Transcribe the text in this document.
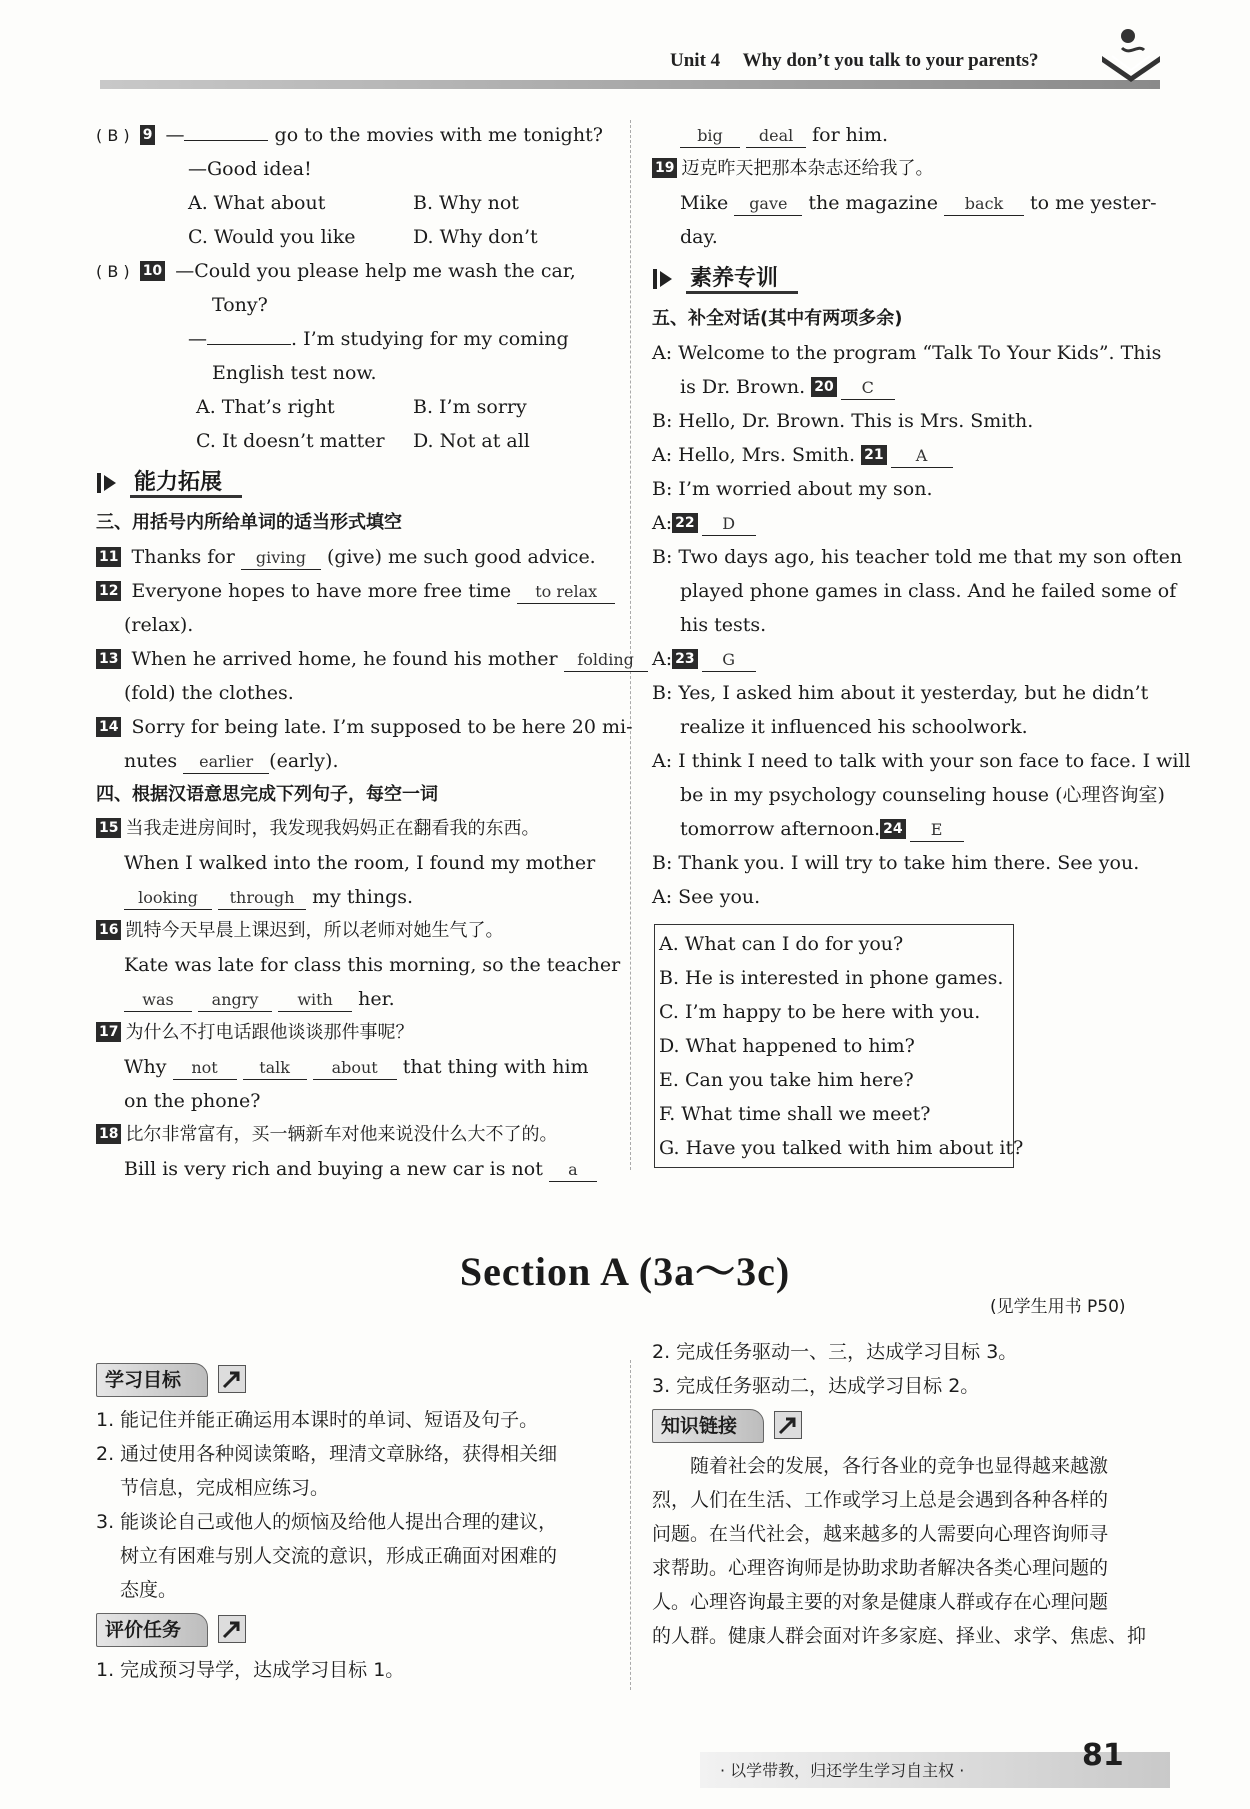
Unit 4 Why don’t you talk to your parents?
( B ) 9 —	go to the movies with me tonight?
—Good idea!
A. What about	B. Why not
C. Would you like	D. Why don’t
( B ) 10 —Could you please help me wash the car,
Tony?
—	. I’m studying for my coming
English test now.
A. That’s right	B. I’m sorry
C. It doesn’t matter D. Not at all
能力拓展
三、用括号内所给单词的适当形式填空
11 Thanks for giving (give) me such good advice.
12 Everyone hopes to have more free time to relax
(relax).
13 When he arrived home, he found his mother folding
(fold) the clothes.
14 Sorry for being late. I’m supposed to be here 20 mi-
nutes earlier (early).
四、根据汉语意思完成下列句子，每空一词
15 当我走进房间时，我发现我妈妈正在翻看我的东西。
When I walked into the room, I found my mother
looking through my things.
16 凯特今天早晨上课迟到，所以老师对她生气了。
Kate was late for class this morning, so the teacher
was angry with her.
17 为什么不打电话跟他谈谈那件事呢？
Why not	talk	about that thing with him
on the phone?
18 比尔非常富有，买一辆新车对他来说没什么大不了的。
Bill is very rich and buying a new car is not a
big deal for him.
19 迈克昨天把那本杂志还给我了。
Mike gave the magazine back to me yester-
day.
素养专训
五、补全对话(其中有两项多余)
A: Welcome to the program “Talk To Your Kids”. This
is Dr. Brown. 20 C
B: Hello, Dr. Brown. This is Mrs. Smith.
A: Hello, Mrs. Smith. 21 A
B: I’m worried about my son.
A: 22 D
B: Two days ago, his teacher told me that my son often
played phone games in class. And he failed some of
his tests.
A: 23 G
B: Yes, I asked him about it yesterday, but he didn’t
realize it influenced his schoolwork.
A: I think I need to talk with your son face to face. I will
be in my psychology counseling house (心理咨询室)
tomorrow afternoon. 24 E
B: Thank you. I will try to take him there. See you.
A: See you.
A. What can I do for you?
B. He is interested in phone games.
C. I’m happy to be here with you.
D. What happened to him?
E. Can you take him here?
F. What time shall we meet?
G. Have you talked with him about it?
Section A (3a～3c)
(见学生用书 P50)
学习目标
1. 能记住并能正确运用本课时的单词、短语及句子。
2. 通过使用各种阅读策略，理清文章脉络，获得相关细
节信息，完成相应练习。
3. 能谈论自己或他人的烦恼及给他人提出合理的建议，
树立有困难与别人交流的意识，形成正确面对困难的
态度。
评价任务
1. 完成预习导学，达成学习目标 1。
2. 完成任务驱动一、三，达成学习目标 3。
3. 完成任务驱动二，达成学习目标 2。
知识链接
随着社会的发展，各行各业的竞争也显得越来越激
烈，人们在生活、工作或学习上总是会遇到各种各样的
问题。在当代社会，越来越多的人需要向心理咨询师寻
求帮助。心理咨询师是协助求助者解决各类心理问题的
人。心理咨询最主要的对象是健康人群或存在心理问题
的人群。健康人群会面对许多家庭、择业、求学、焦虑、抑
· 以学带教，归还学生学习自主权 ·	81
